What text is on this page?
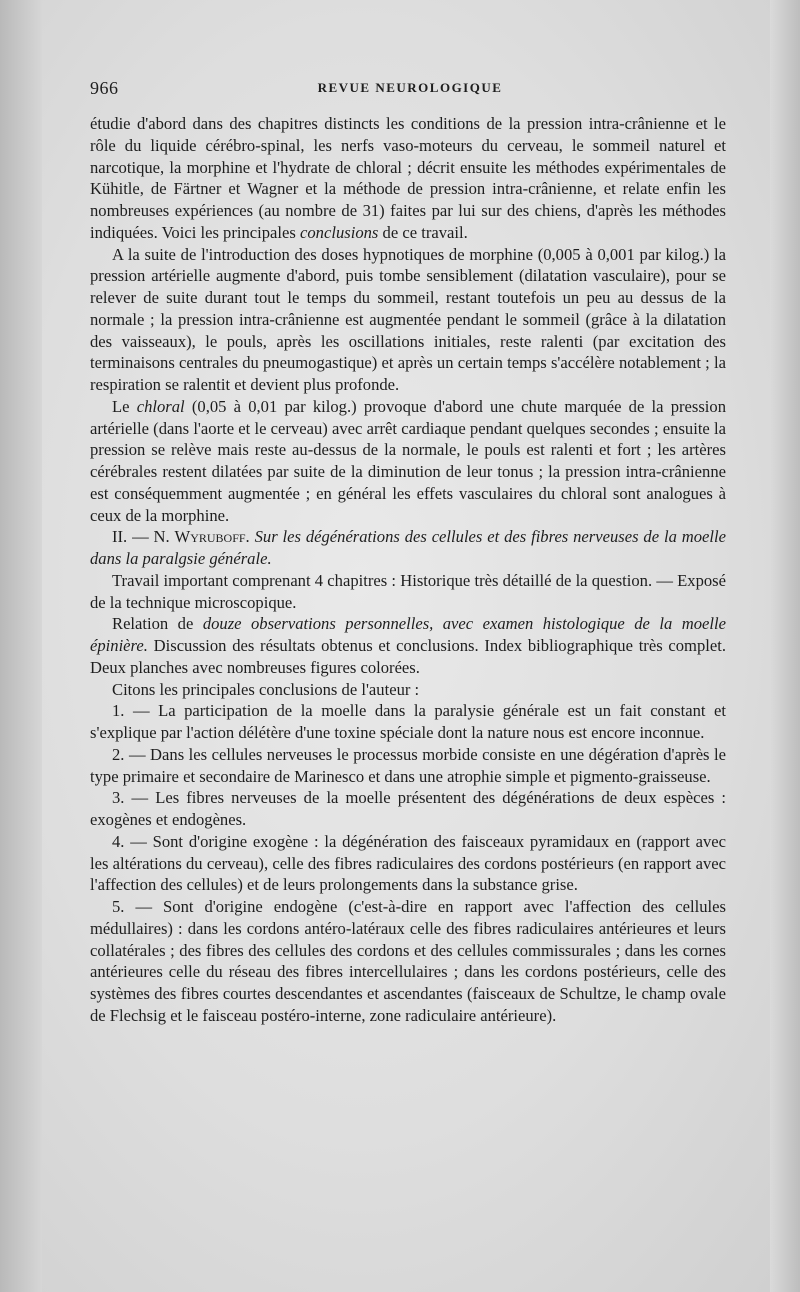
966	REVUE NEUROLOGIQUE

étudie d'abord dans des chapitres distincts les conditions de la pression intra-crânienne et le rôle du liquide cérébro-spinal, les nerfs vaso-moteurs du cerveau, le sommeil naturel et narcotique, la morphine et l'hydrate de chloral ; décrit ensuite les méthodes expérimentales de Kühitle, de Färtner et Wagner et la méthode de pression intra-crânienne, et relate enfin les nombreuses expériences (au nombre de 31) faites par lui sur des chiens, d'après les méthodes indiquées. Voici les principales conclusions de ce travail.

A la suite de l'introduction des doses hypnotiques de morphine (0,005 à 0,001 par kilog.) la pression artérielle augmente d'abord, puis tombe sensiblement (dilatation vasculaire), pour se relever de suite durant tout le temps du sommeil, restant toutefois un peu au dessus de la normale ; la pression intra-crânienne est augmentée pendant le sommeil (grâce à la dilatation des vaisseaux), le pouls, après les oscillations initiales, reste ralenti (par excitation des terminaisons centrales du pneumogastique) et après un certain temps s'accélère notablement ; la respiration se ralentit et devient plus profonde.

Le chloral (0,05 à 0,01 par kilog.) provoque d'abord une chute marquée de la pression artérielle (dans l'aorte et le cerveau) avec arrêt cardiaque pendant quelques secondes ; ensuite la pression se relève mais reste au-dessus de la normale, le pouls est ralenti et fort ; les artères cérébrales restent dilatées par suite de la diminution de leur tonus ; la pression intra-crânienne est conséquemment augmentée ; en général les effets vasculaires du chloral sont analogues à ceux de la morphine.

II. — N. Wyruboff. Sur les dégénérations des cellules et des fibres nerveuses de la moelle dans la paralgsie générale.

Travail important comprenant 4 chapitres : Historique très détaillé de la question. — Exposé de la technique microscopique.

Relation de douze observations personnelles, avec examen histologique de la moelle épinière. Discussion des résultats obtenus et conclusions. Index bibliographique très complet. Deux planches avec nombreuses figures colorées.

Citons les principales conclusions de l'auteur :

1. — La participation de la moelle dans la paralysie générale est un fait constant et s'explique par l'action délétère d'une toxine spéciale dont la nature nous est encore inconnue.

2. — Dans les cellules nerveuses le processus morbide consiste en une dégération d'après le type primaire et secondaire de Marinesco et dans une atrophie simple et pigmento-graisseuse.

3. — Les fibres nerveuses de la moelle présentent des dégénérations de deux espèces : exogènes et endogènes.

4. — Sont d'origine exogène : la dégénération des faisceaux pyramidaux en (rapport avec les altérations du cerveau), celle des fibres radiculaires des cordons postérieurs (en rapport avec l'affection des cellules) et de leurs prolongements dans la substance grise.

5. — Sont d'origine endogène (c'est-à-dire en rapport avec l'affection des cellules médullaires) : dans les cordons antéro-latéraux celle des fibres radiculaires antérieures et leurs collatérales ; des fibres des cellules des cordons et des cellules commissurales ; dans les cornes antérieures celle du réseau des fibres intercellulaires ; dans les cordons postérieurs, celle des systèmes des fibres courtes descendantes et ascendantes (faisceaux de Schultze, le champ ovale de Flechsig et le faisceau postéro-interne, zone radiculaire antérieure).
